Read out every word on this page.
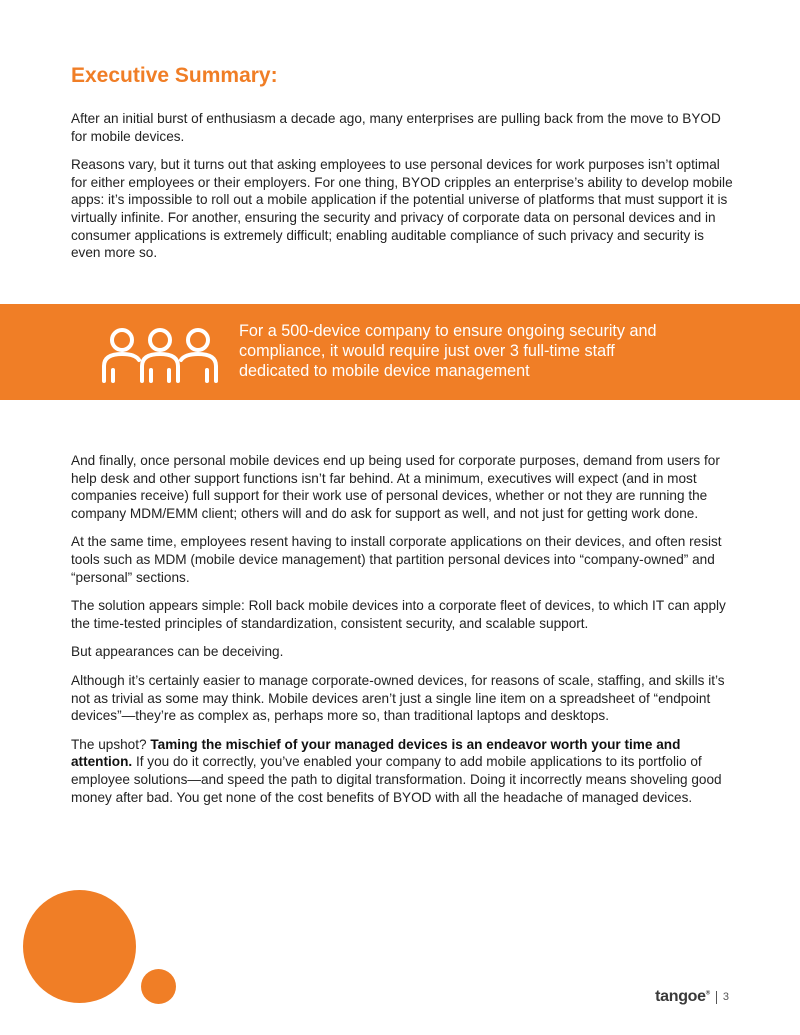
Executive Summary:

After an initial burst of enthusiasm a decade ago, many enterprises are pulling back from the move to BYOD for mobile devices.

Reasons vary, but it turns out that asking employees to use personal devices for work purposes isn’t optimal for either employees or their employers. For one thing, BYOD cripples an enterprise’s ability to develop mobile apps: it’s impossible to roll out a mobile application if the potential universe of platforms that must support it is virtually infinite. For another, ensuring the security and privacy of corporate data on personal devices and in consumer applications is extremely difficult; enabling auditable compliance of such privacy and security is even more so.

For a 500-device company to ensure ongoing security and compliance, it would require just over 3 full-time staff dedicated to mobile device management

And finally, once personal mobile devices end up being used for corporate purposes, demand from users for help desk and other support functions isn’t far behind. At a minimum, executives will expect (and in most companies receive) full support for their work use of personal devices, whether or not they are running the company MDM/EMM client; others will and do ask for support as well, and not just for getting work done.

At the same time, employees resent having to install corporate applications on their devices, and often resist tools such as MDM (mobile device management) that partition personal devices into “company-owned” and “personal” sections.

The solution appears simple: Roll back mobile devices into a corporate fleet of devices, to which IT can apply the time-tested principles of standardization, consistent security, and scalable support.

But appearances can be deceiving.

Although it’s certainly easier to manage corporate-owned devices, for reasons of scale, staffing, and skills it’s not as trivial as some may think. Mobile devices aren’t just a single line item on a spreadsheet of “endpoint devices”—they’re as complex as, perhaps more so, than traditional laptops and desktops.

The upshot? Taming the mischief of your managed devices is an endeavor worth your time and attention. If you do it correctly, you’ve enabled your company to add mobile applications to its portfolio of employee solutions—and speed the path to digital transformation. Doing it incorrectly means shoveling good money after bad. You get none of the cost benefits of BYOD with all the headache of managed devices.

tangoe® 3
